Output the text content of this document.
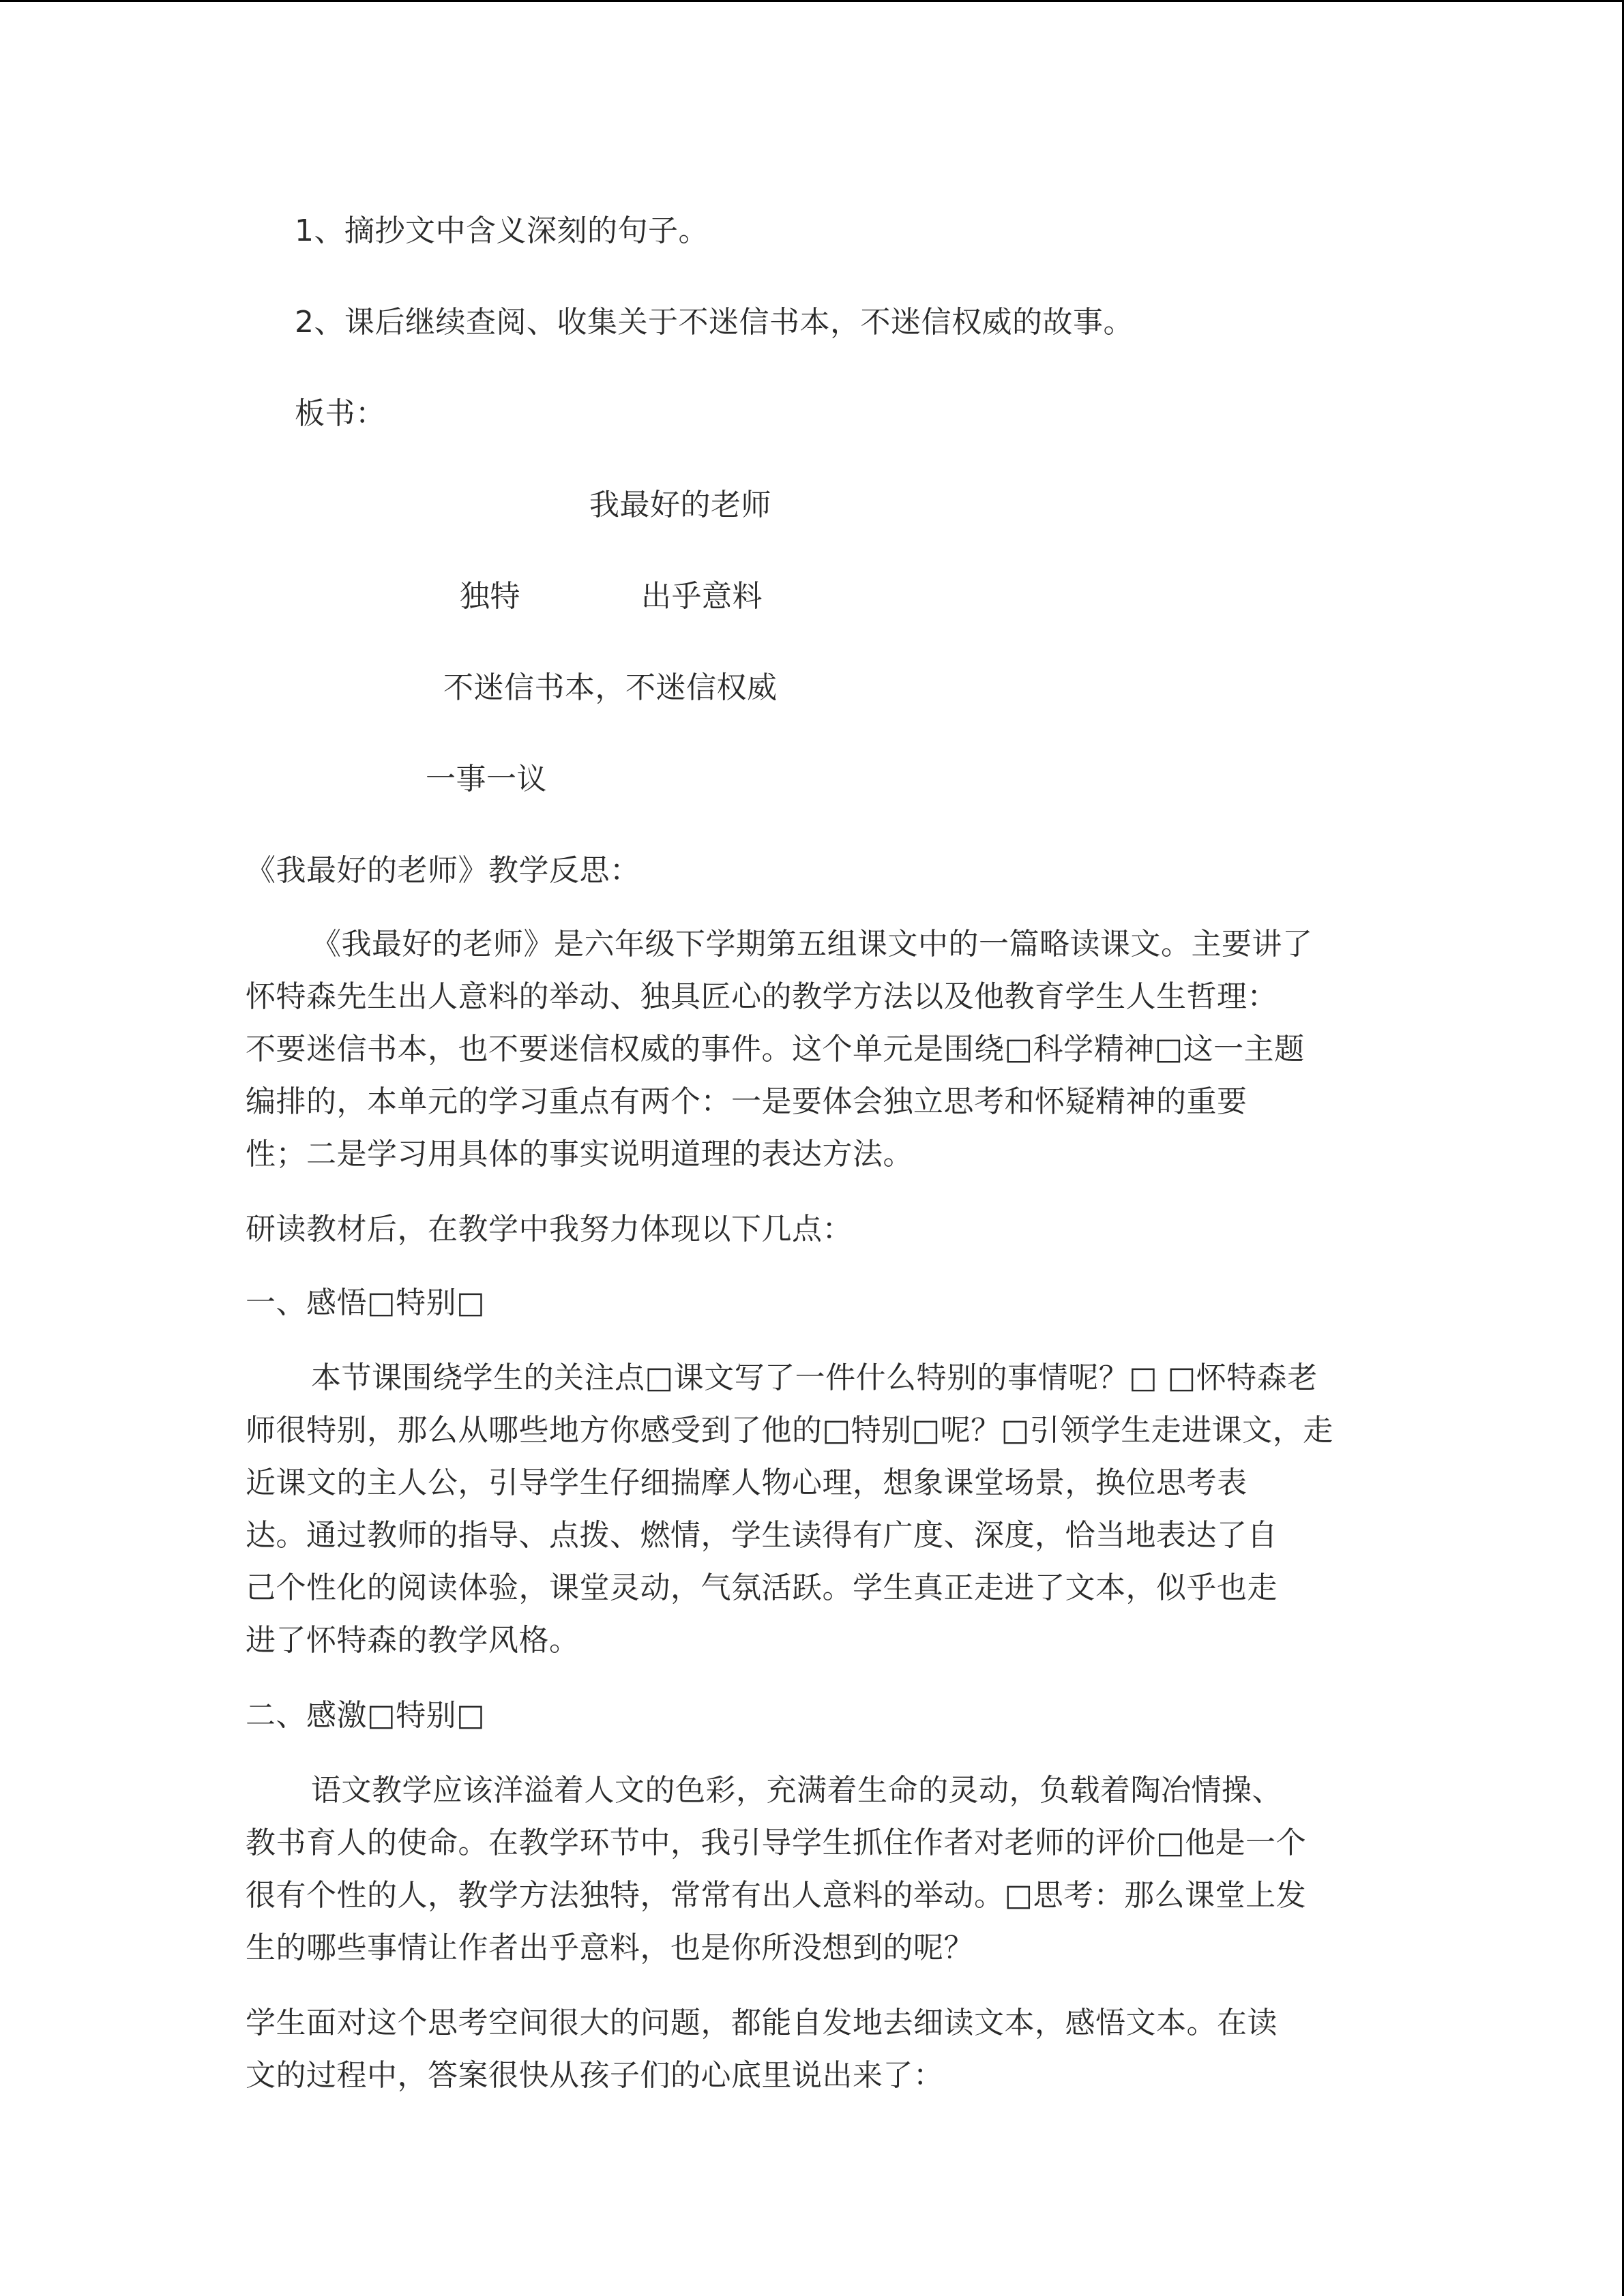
1、摘抄文中含义深刻的句子。
2、课后继续查阅、收集关于不迷信书本，不迷信权威的故事。
板书：
我最好的老师
独特	出乎意料
不迷信书本，不迷信权威
一事一议
《我最好的老师》教学反思：
《我最好的老师》是六年级下学期第五组课文中的一篇略读课文。主要讲了
怀特森先生出人意料的举动、独具匠心的教学方法以及他教育学生人生哲理：
不要迷信书本，也不要迷信权威的事件。这个单元是围绕□科学精神□这一主题
编排的，本单元的学习重点有两个：一是要体会独立思考和怀疑精神的重要
性；二是学习用具体的事实说明道理的表达方法。
研读教材后，在教学中我努力体现以下几点：
一、感悟□特别□
本节课围绕学生的关注点□课文写了一件什么特别的事情呢？□ □怀特森老
师很特别，那么从哪些地方你感受到了他的□特别□呢？□引领学生走进课文，走
近课文的主人公，引导学生仔细揣摩人物心理，想象课堂场景，换位思考表
达。通过教师的指导、点拨、燃情，学生读得有广度、深度，恰当地表达了自
己个性化的阅读体验，课堂灵动，气氛活跃。学生真正走进了文本，似乎也走
进了怀特森的教学风格。
二、感激□特别□
语文教学应该洋溢着人文的色彩，充满着生命的灵动，负载着陶冶情操、
教书育人的使命。在教学环节中，我引导学生抓住作者对老师的评价□他是一个
很有个性的人，教学方法独特，常常有出人意料的举动。□思考：那么课堂上发
生的哪些事情让作者出乎意料，也是你所没想到的呢？
学生面对这个思考空间很大的问题，都能自发地去细读文本，感悟文本。在读
文的过程中，答案很快从孩子们的心底里说出来了：
